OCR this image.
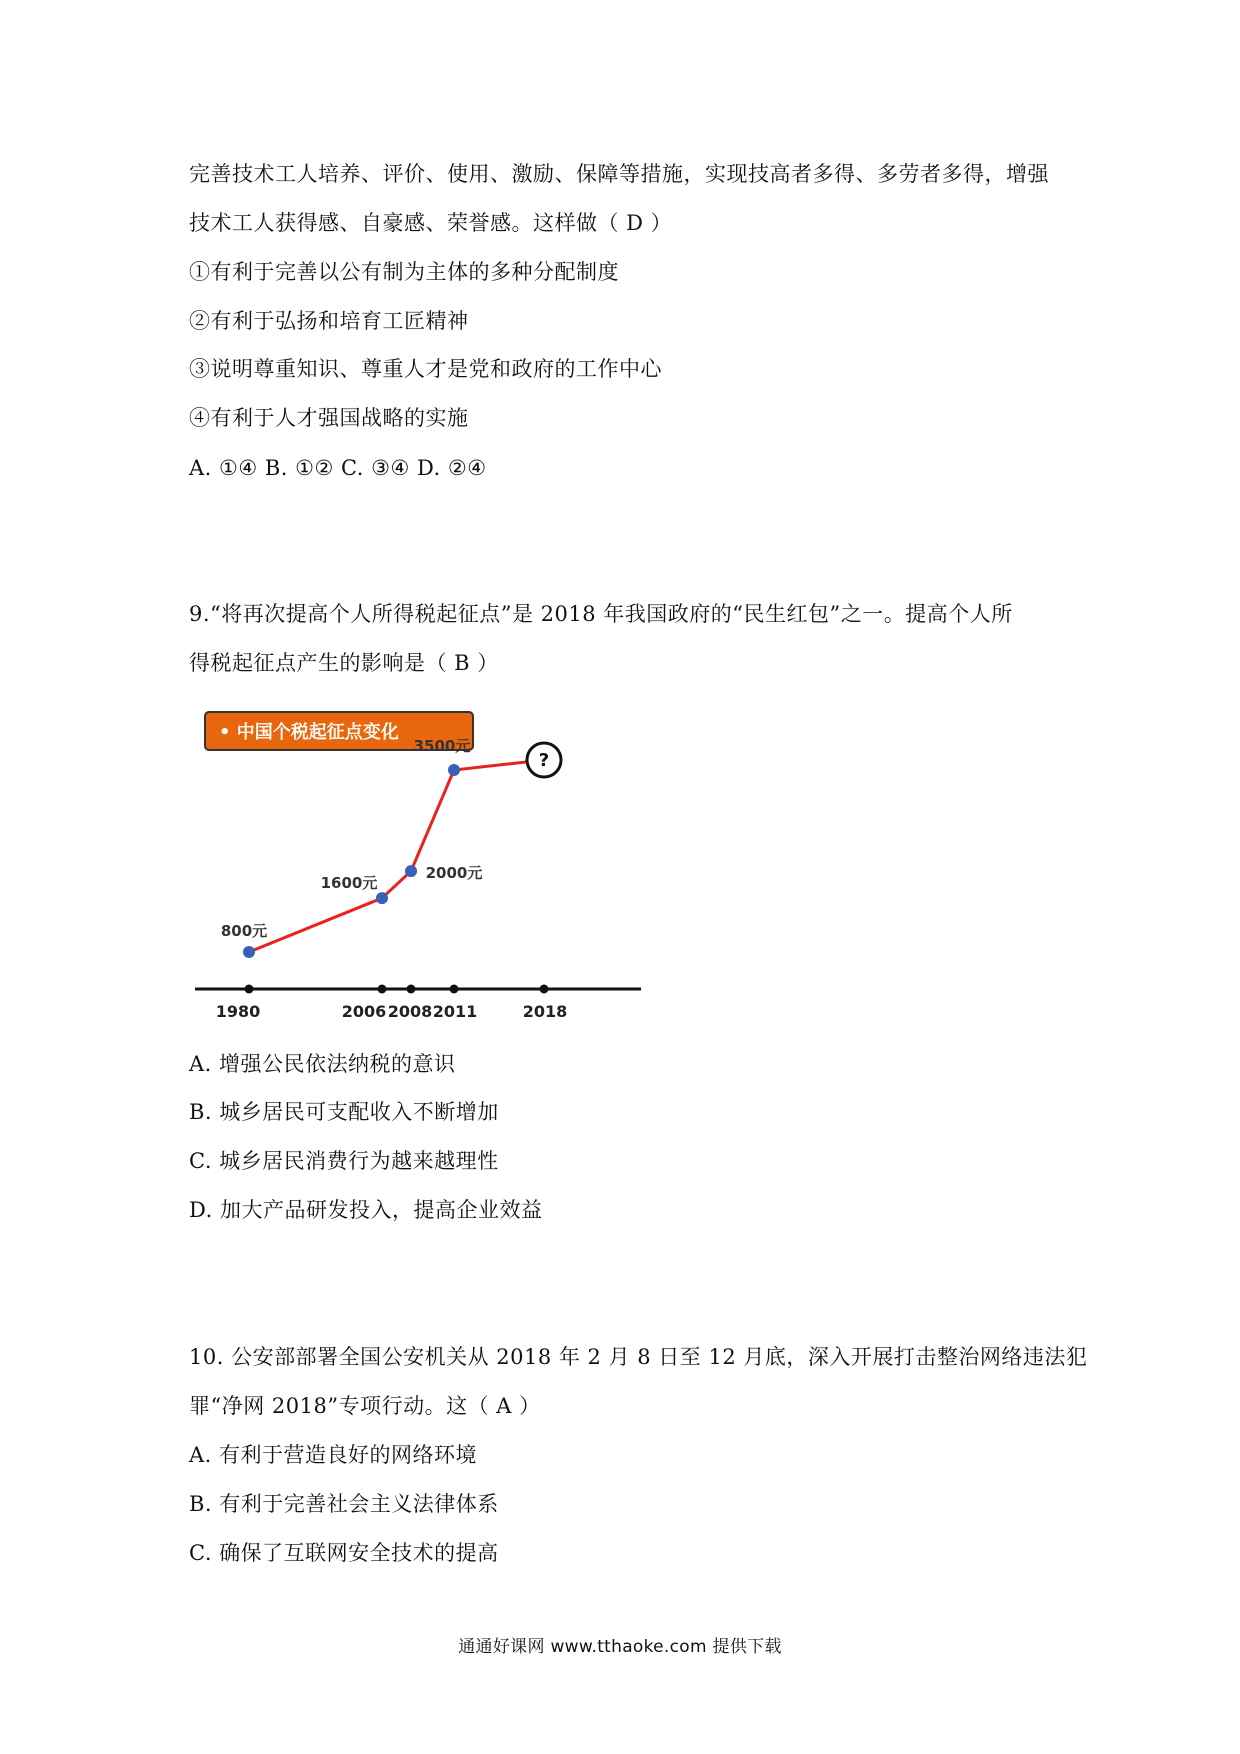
完善技术工人培养、评价、使用、激励、保障等措施，实现技高者多得、多劳者多得，增强
技术工人获得感、自豪感、荣誉感。这样做（ D ）
①有利于完善以公有制为主体的多种分配制度
②有利于弘扬和培育工匠精神
③说明尊重知识、尊重人才是党和政府的工作中心
④有利于人才强国战略的实施
A. ①④ B. ①② C. ③④ D. ②④
9.“将再次提高个人所得税起征点”是 2018 年我国政府的“民生红包”之一。提高个人所
得税起征点产生的影响是（ B ）
• 中国个税起征点变化
1980	2006 2008 2011	2018
800元
1600元
2000元
3500元
?
A. 增强公民依法纳税的意识
B. 城乡居民可支配收入不断增加
C. 城乡居民消费行为越来越理性
D. 加大产品研发投入，提高企业效益
10. 公安部部署全国公安机关从 2018 年 2 月 8 日至 12 月底，深入开展打击整治网络违法犯
罪“净网 2018”专项行动。这（ A ）
A. 有利于营造良好的网络环境
B. 有利于完善社会主义法律体系
C. 确保了互联网安全技术的提高
通通好课网 www.tthaoke.com 提供下载
